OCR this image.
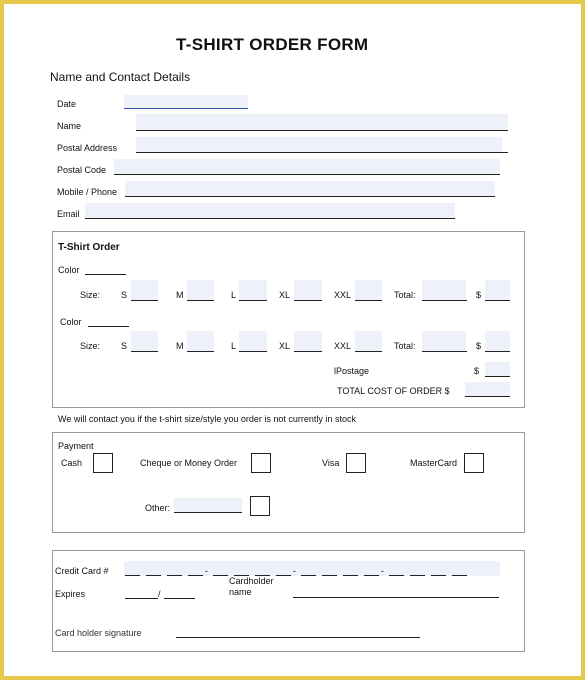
T-SHIRT ORDER FORM
Name and Contact Details
Date
Name
Postal Address
Postal Code
Mobile / Phone
Email
T-Shirt Order
Color
Size: S	M	L	XL	XXL	Total:	$
Color
Size: S	M	L	XL	XXL	Total:	$
lPostage	$
TOTAL COST OF ORDER $
We will contact you if the t-shirt size/style you order is not currently in stock
Payment
Cash	Cheque or Money Order	Visa	MasterCard
Other:
Credit Card #
Expires	/
Cardholder name
Card holder signature
-	-	-
